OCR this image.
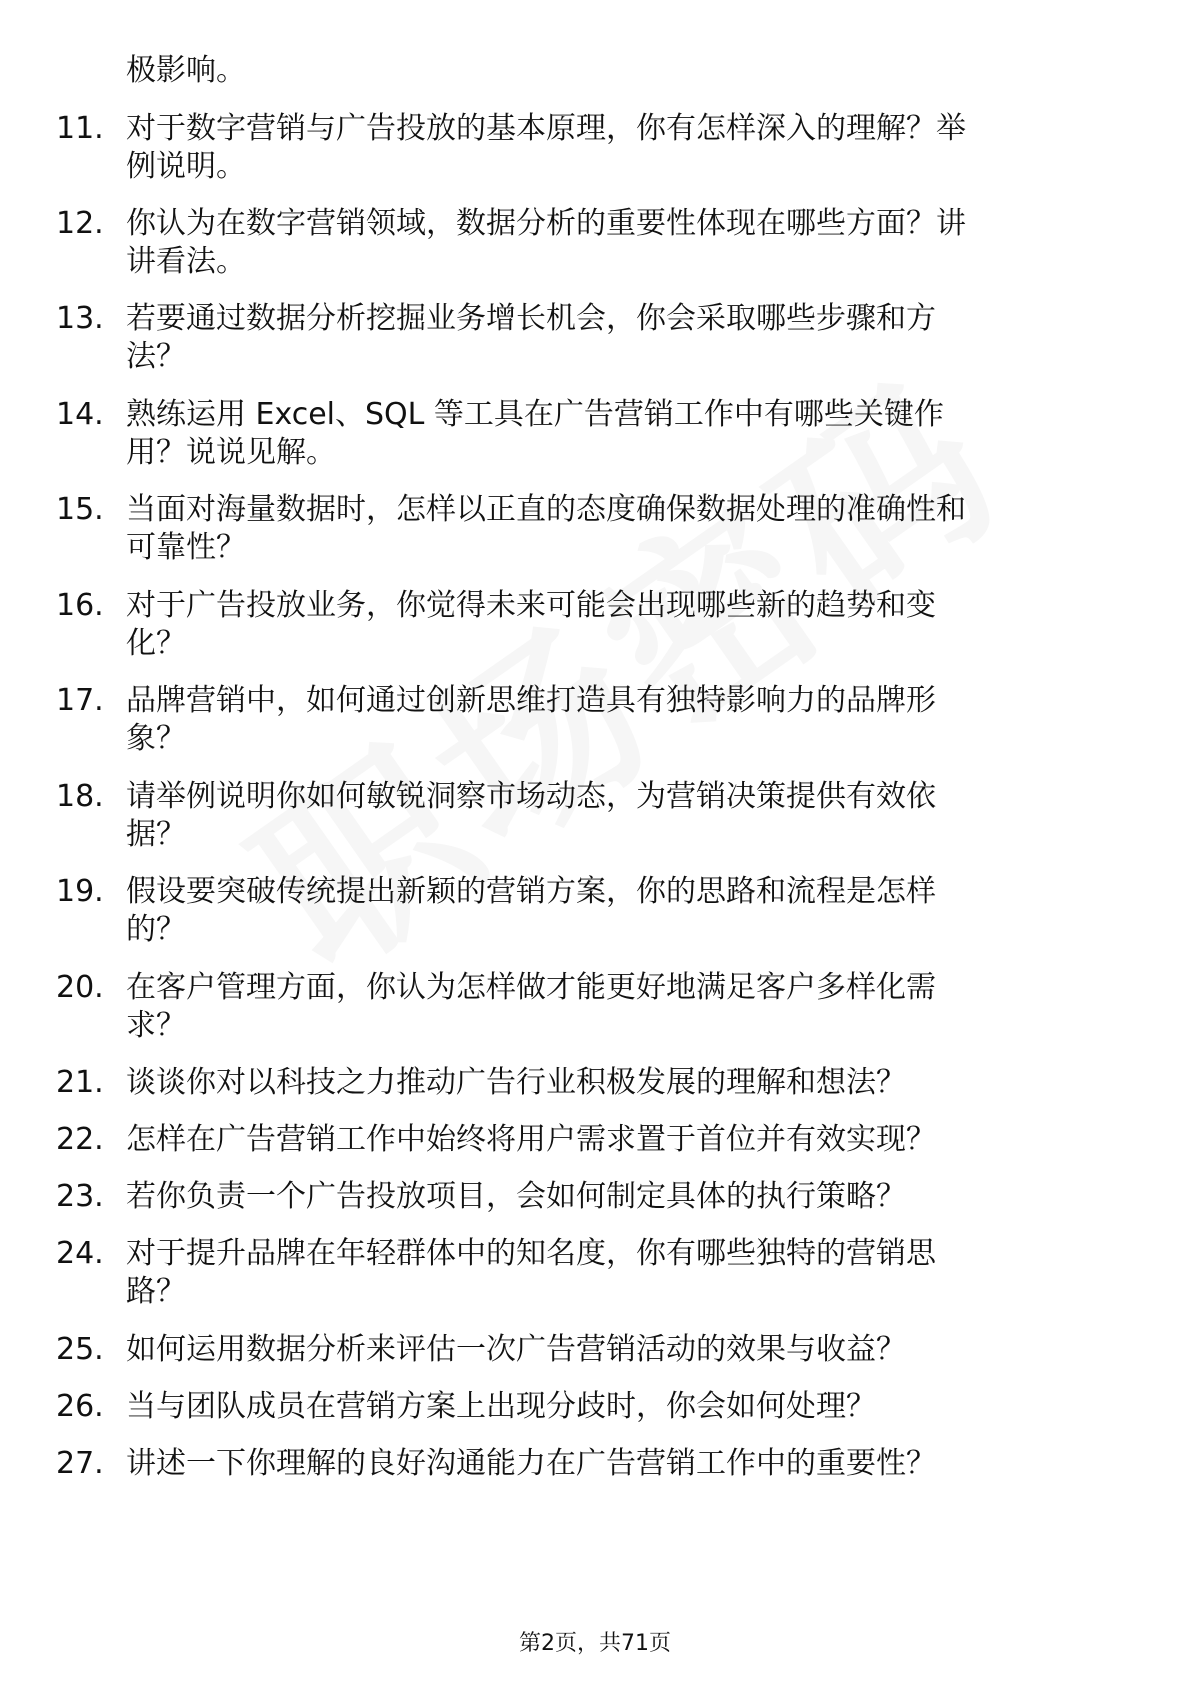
极影响。
11. 对于数字营销与广告投放的基本原理，你有怎样深入的理解？举
例说明。
12. 你认为在数字营销领域，数据分析的重要性体现在哪些方面？讲
讲看法。
13. 若要通过数据分析挖掘业务增长机会，你会采取哪些步骤和方
法？
14. 熟练运用 Excel、SQL 等工具在广告营销工作中有哪些关键作
用？说说见解。
15. 当面对海量数据时，怎样以正直的态度确保数据处理的准确性和
可靠性？
16. 对于广告投放业务，你觉得未来可能会出现哪些新的趋势和变
化？
17. 品牌营销中，如何通过创新思维打造具有独特影响力的品牌形
象？
18. 请举例说明你如何敏锐洞察市场动态，为营销决策提供有效依
据？
19. 假设要突破传统提出新颖的营销方案，你的思路和流程是怎样
的？
20. 在客户管理方面，你认为怎样做才能更好地满足客户多样化需
求？
21. 谈谈你对以科技之力推动广告行业积极发展的理解和想法？
22. 怎样在广告营销工作中始终将用户需求置于首位并有效实现？
23. 若你负责一个广告投放项目，会如何制定具体的执行策略？
24. 对于提升品牌在年轻群体中的知名度，你有哪些独特的营销思
路？
25. 如何运用数据分析来评估一次广告营销活动的效果与收益？
26. 当与团队成员在营销方案上出现分歧时，你会如何处理？
27. 讲述一下你理解的良好沟通能力在广告营销工作中的重要性？
第2页，共71页
